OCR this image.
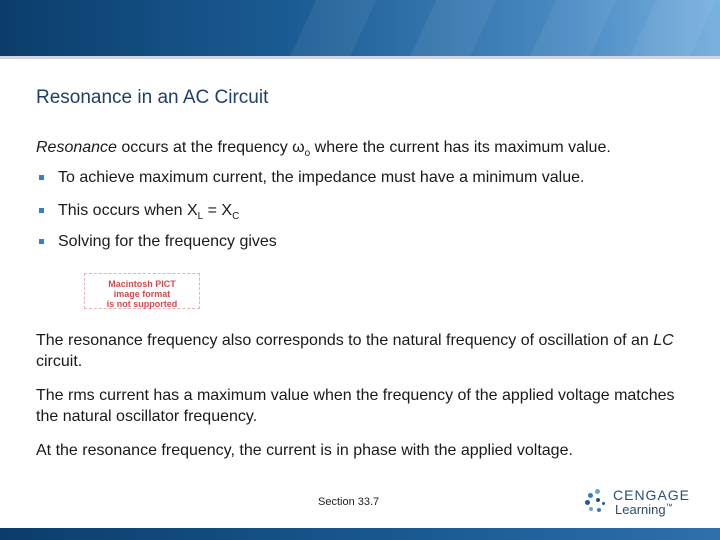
Resonance in an AC Circuit
Resonance occurs at the frequency $\omega_o$ where the current has its maximum value.
To achieve maximum current, the impedance must have a minimum value.
This occurs when $X_L = X_C$
Solving for the frequency gives
Macintosh PICT
image format
is not supported
The resonance frequency also corresponds to the natural frequency of oscillation of an LC circuit.
The rms current has a maximum value when the frequency of the applied voltage matches the natural oscillator frequency.
At the resonance frequency, the current is in phase with the applied voltage.
Section 33.7	CENGAGE
Learning™
